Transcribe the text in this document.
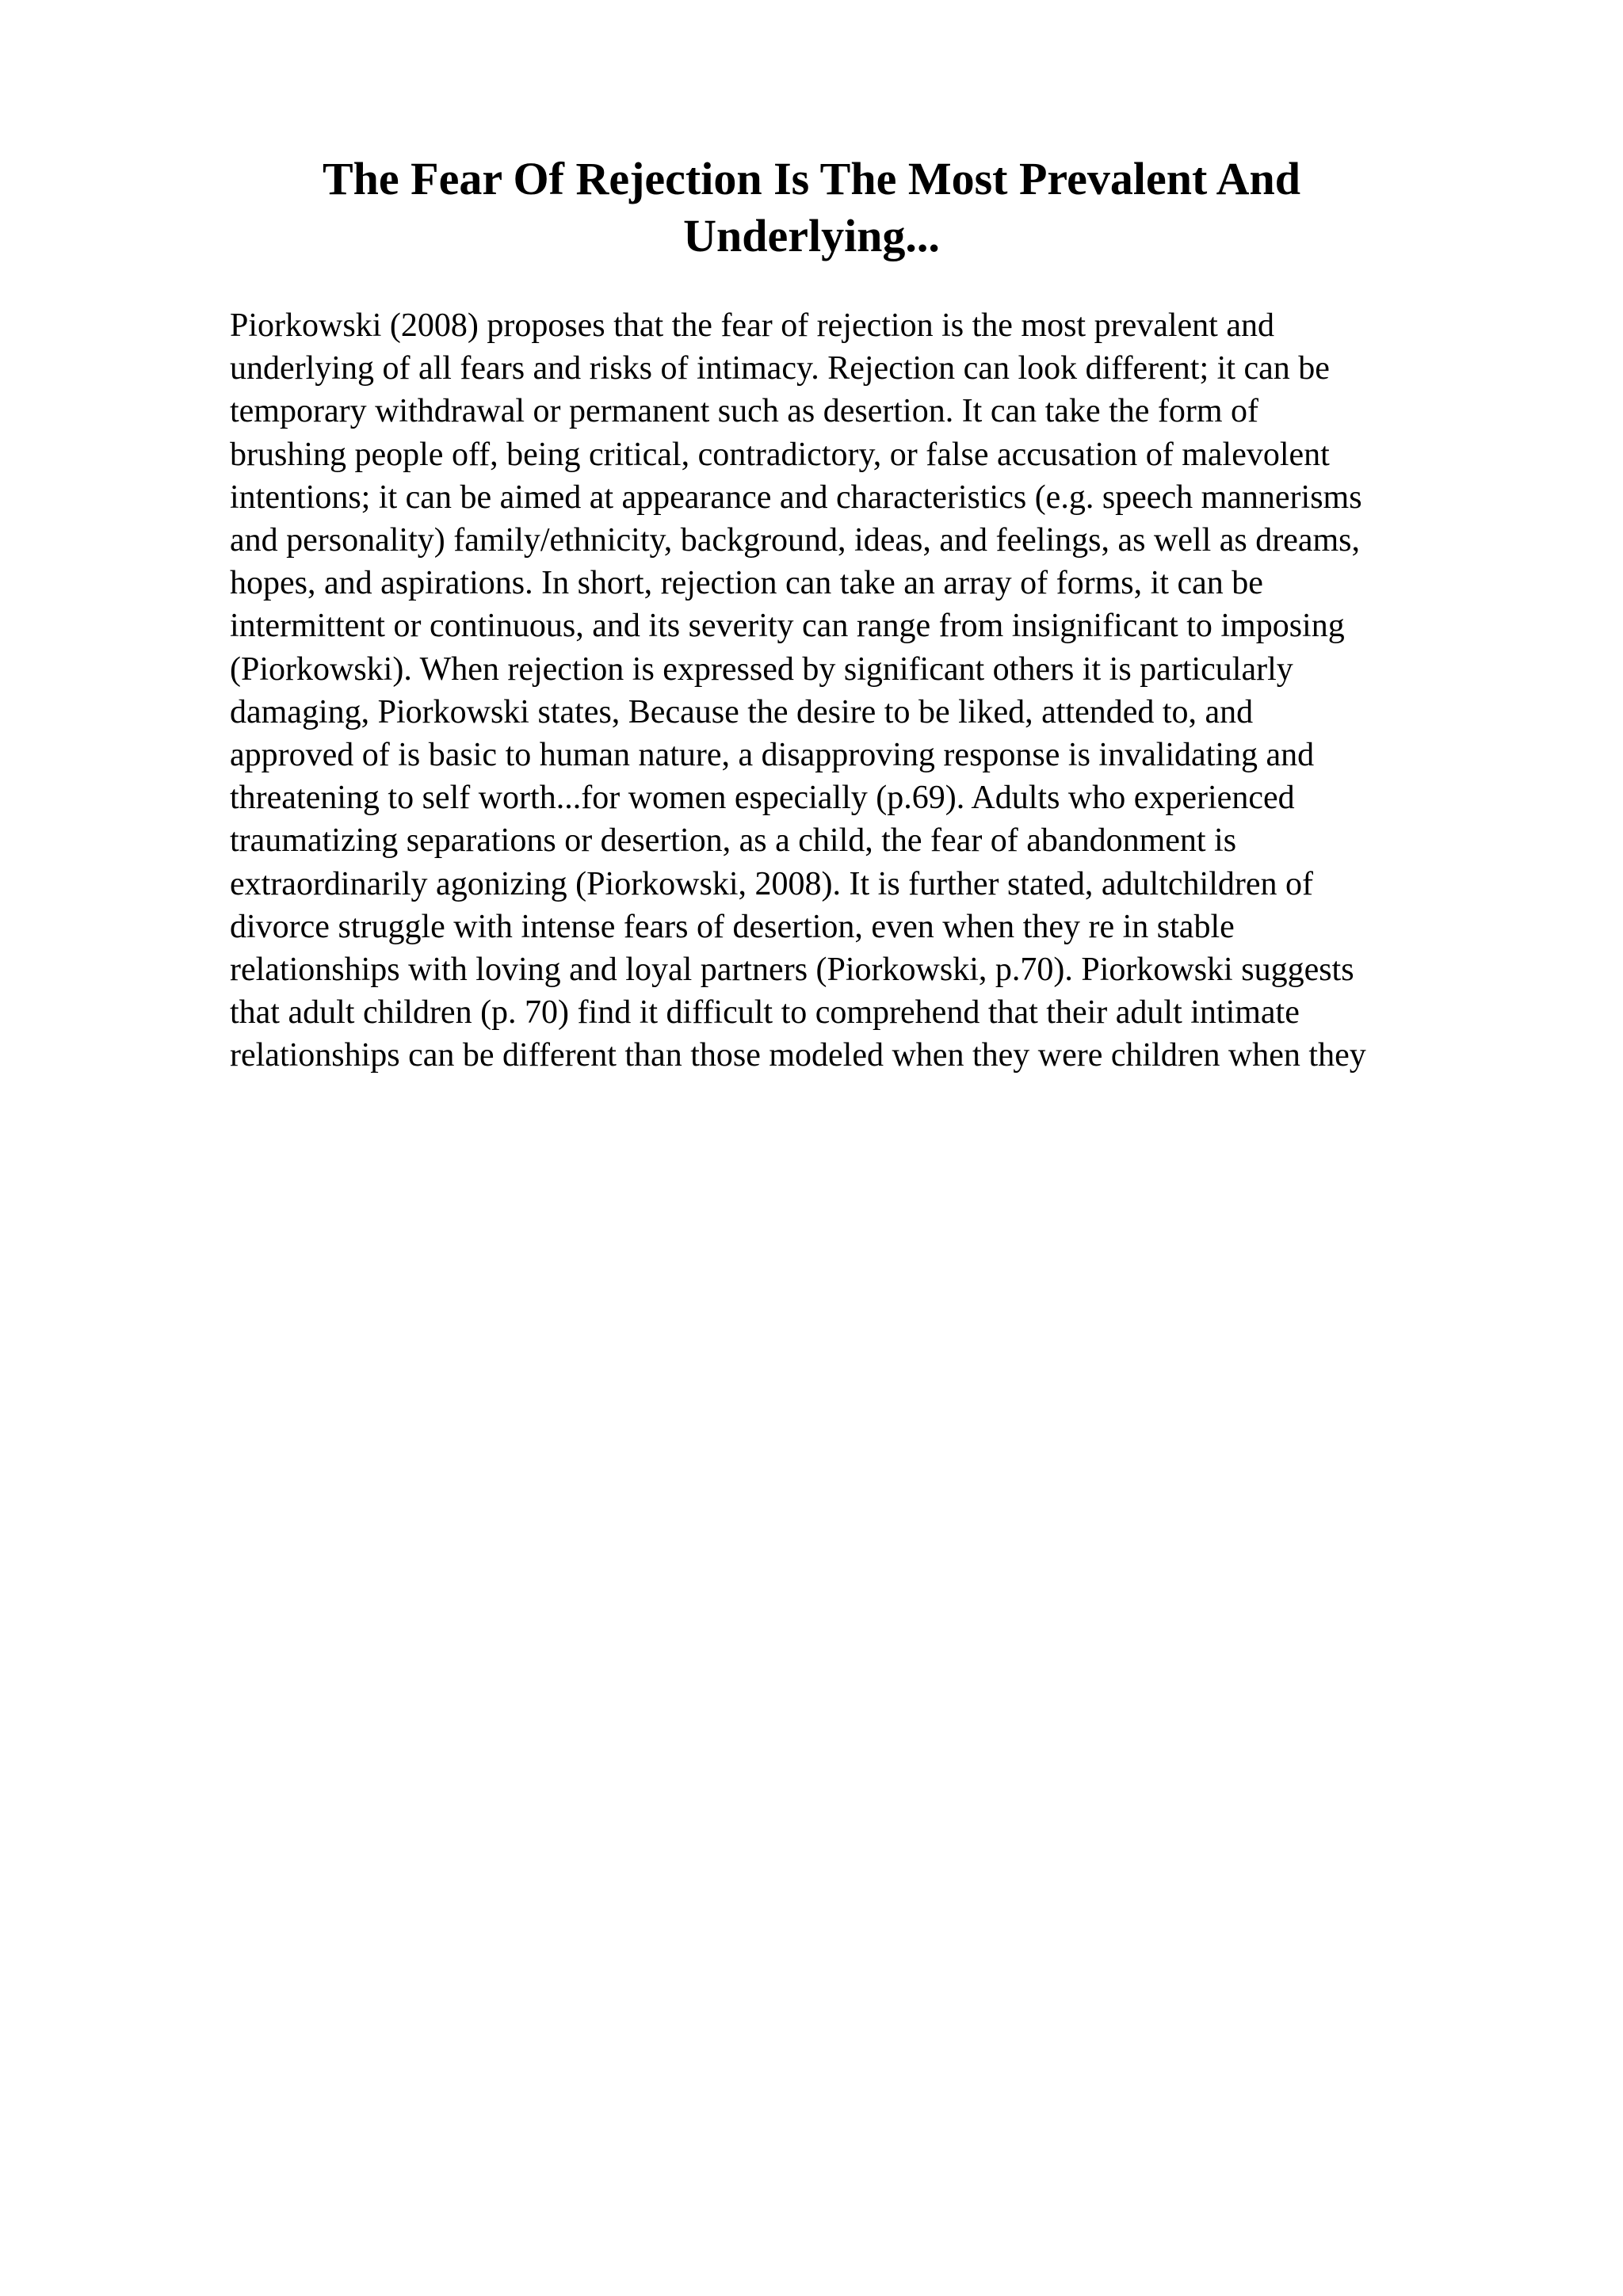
The Fear Of Rejection Is The Most Prevalent And
Underlying...
Piorkowski (2008) proposes that the fear of rejection is the most prevalent and
underlying of all fears and risks of intimacy. Rejection can look different; it can be
temporary withdrawal or permanent such as desertion. It can take the form of
brushing people off, being critical, contradictory, or false accusation of malevolent
intentions; it can be aimed at appearance and characteristics (e.g. speech mannerisms
and personality) family/ethnicity, background, ideas, and feelings, as well as dreams,
hopes, and aspirations. In short, rejection can take an array of forms, it can be
intermittent or continuous, and its severity can range from insignificant to imposing
(Piorkowski). When rejection is expressed by significant others it is particularly
damaging, Piorkowski states, Because the desire to be liked, attended to, and
approved of is basic to human nature, a disapproving response is invalidating and
threatening to self worth...for women especially (p.69). Adults who experienced
traumatizing separations or desertion, as a child, the fear of abandonment is
extraordinarily agonizing (Piorkowski, 2008). It is further stated, adultchildren of
divorce struggle with intense fears of desertion, even when they re in stable
relationships with loving and loyal partners (Piorkowski, p.70). Piorkowski suggests
that adult children (p. 70) find it difficult to comprehend that their adult intimate
relationships can be different than those modeled when they were children when they
